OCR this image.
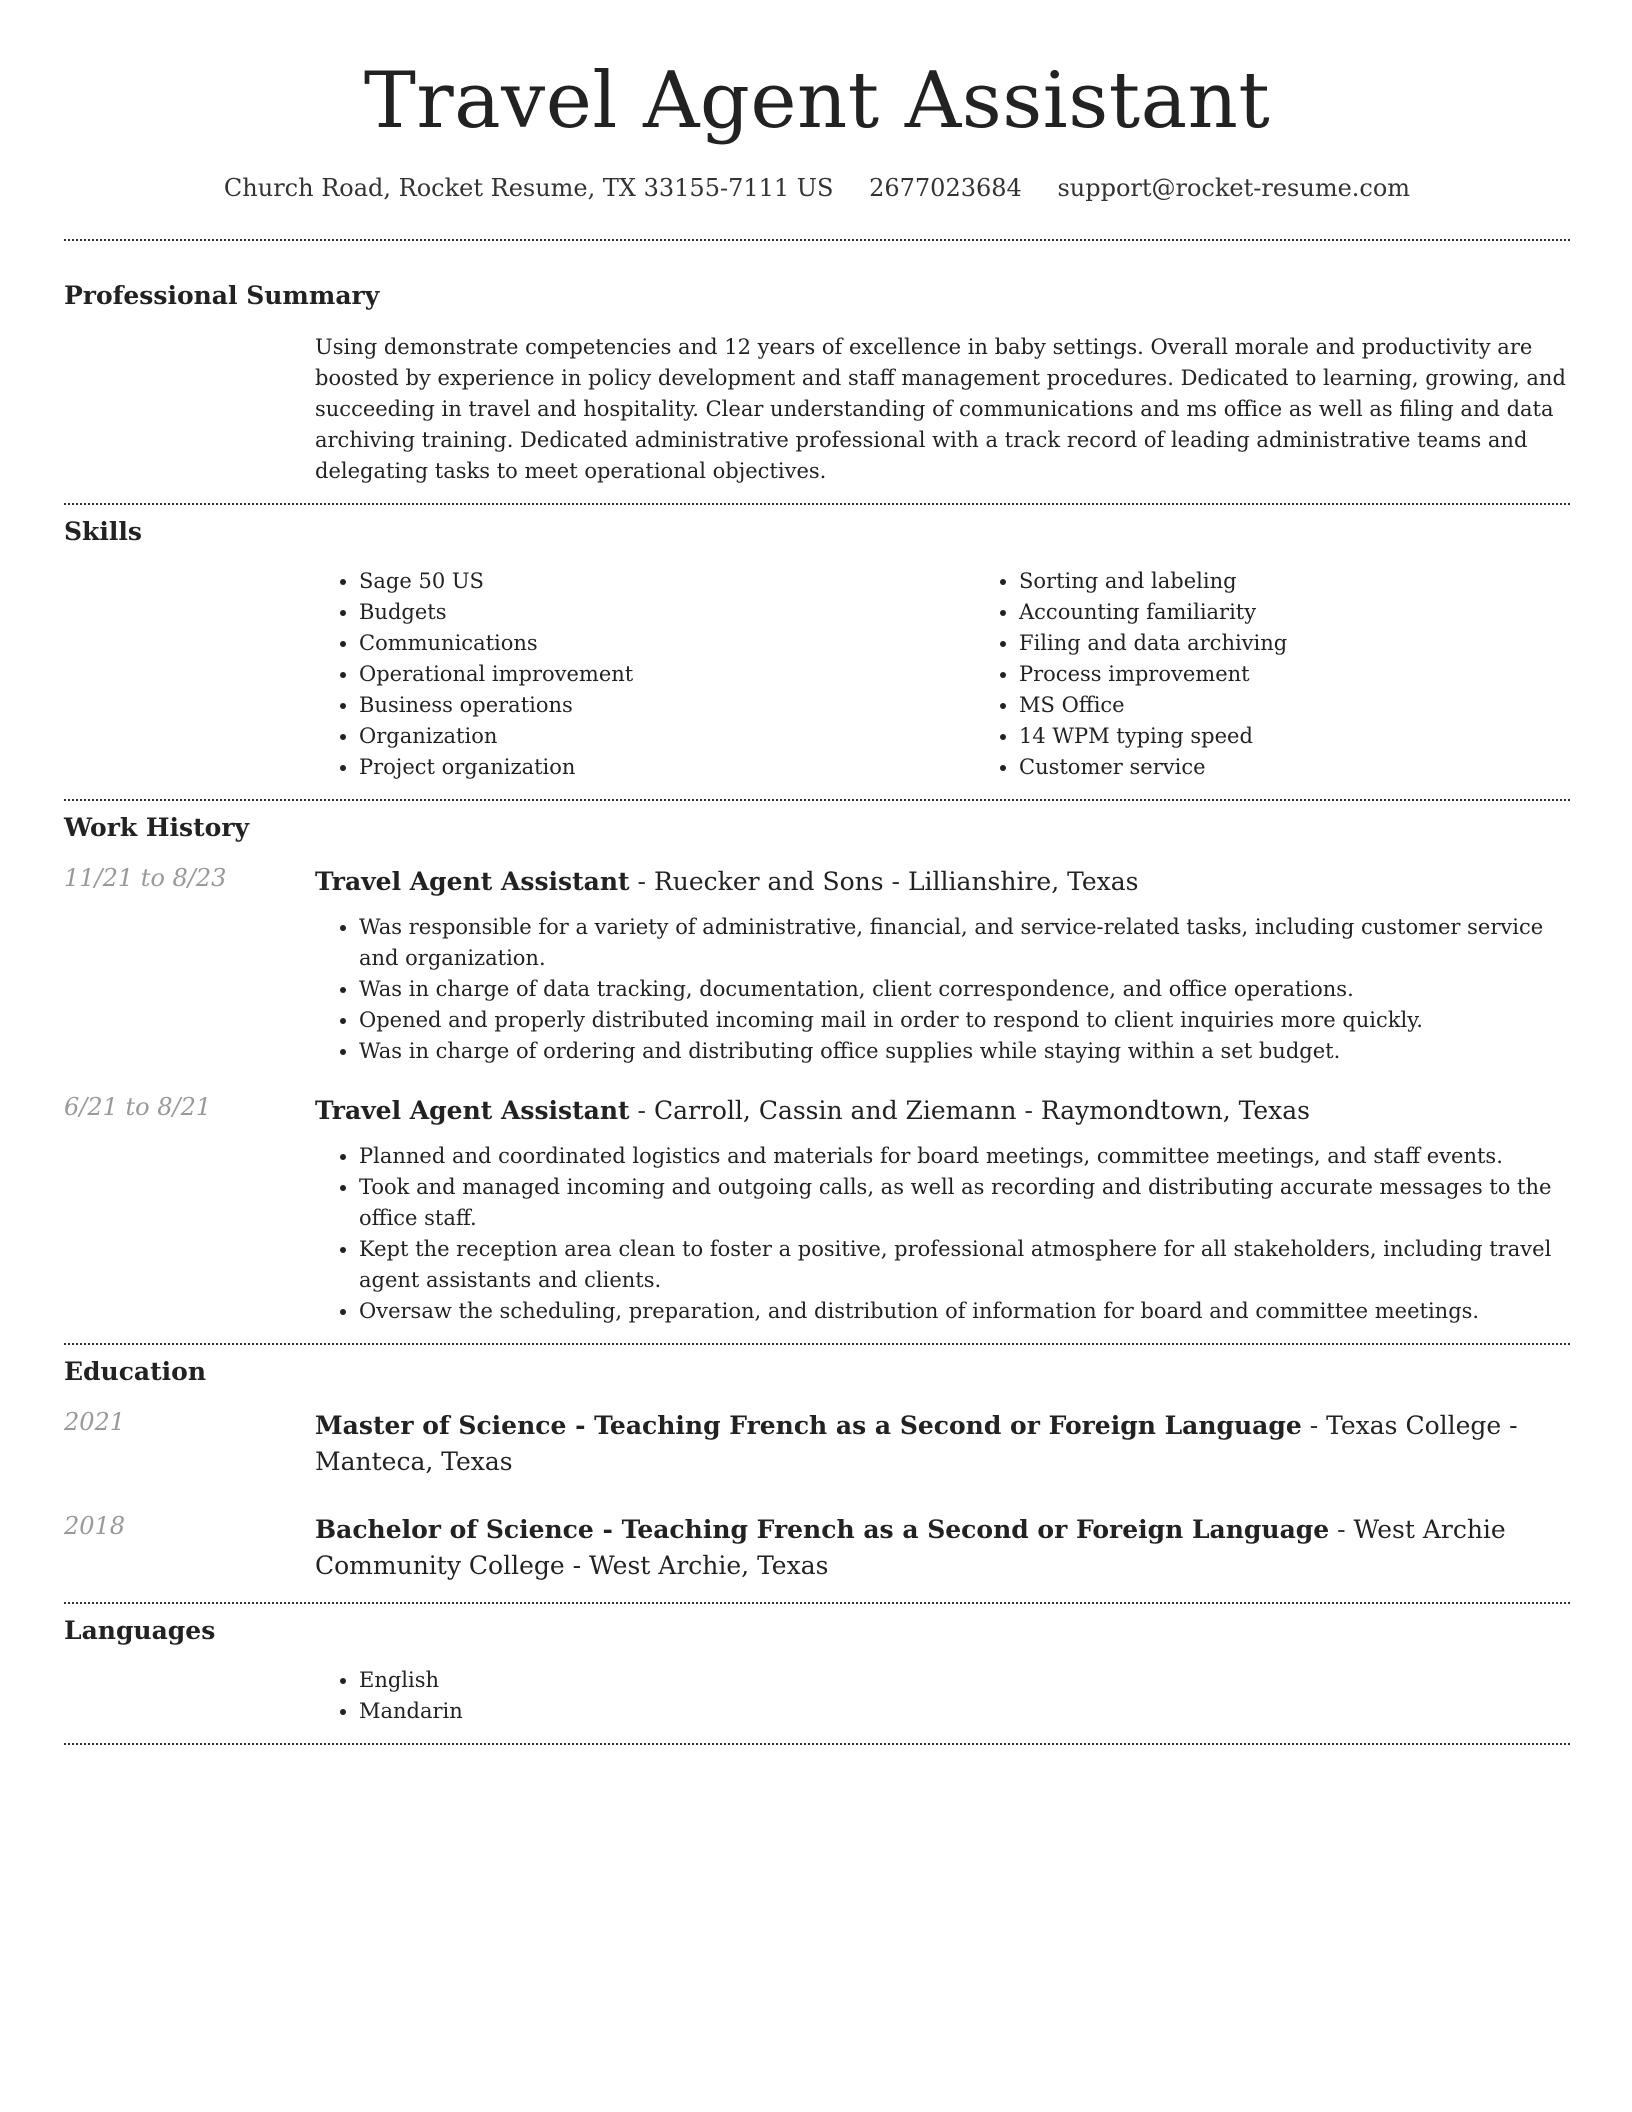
Travel Agent Assistant
Church Road, Rocket Resume, TX 33155-7111 US 2677023684 support@rocket-resume.com
Professional Summary
Using demonstrate competencies and 12 years of excellence in baby settings. Overall morale and productivity are boosted by experience in policy development and staff management procedures. Dedicated to learning, growing, and succeeding in travel and hospitality. Clear understanding of communications and ms office as well as filing and data archiving training. Dedicated administrative professional with a track record of leading administrative teams and delegating tasks to meet operational objectives.
Skills
• Sage 50 US
• Budgets
• Communications
• Operational improvement
• Business operations
• Organization
• Project organization
• Sorting and labeling
• Accounting familiarity
• Filing and data archiving
• Process improvement
• MS Office
• 14 WPM typing speed
• Customer service
Work History
11/21 to 8/23	Travel Agent Assistant - Ruecker and Sons - Lillianshire, Texas
• Was responsible for a variety of administrative, financial, and service-related tasks, including customer service and organization.
• Was in charge of data tracking, documentation, client correspondence, and office operations.
• Opened and properly distributed incoming mail in order to respond to client inquiries more quickly.
• Was in charge of ordering and distributing office supplies while staying within a set budget.
6/21 to 8/21	Travel Agent Assistant - Carroll, Cassin and Ziemann - Raymondtown, Texas
• Planned and coordinated logistics and materials for board meetings, committee meetings, and staff events.
• Took and managed incoming and outgoing calls, as well as recording and distributing accurate messages to the office staff.
• Kept the reception area clean to foster a positive, professional atmosphere for all stakeholders, including travel agent assistants and clients.
• Oversaw the scheduling, preparation, and distribution of information for board and committee meetings.
Education
2021	Master of Science - Teaching French as a Second or Foreign Language - Texas College - Manteca, Texas
2018	Bachelor of Science - Teaching French as a Second or Foreign Language - West Archie Community College - West Archie, Texas
Languages
• English
• Mandarin
